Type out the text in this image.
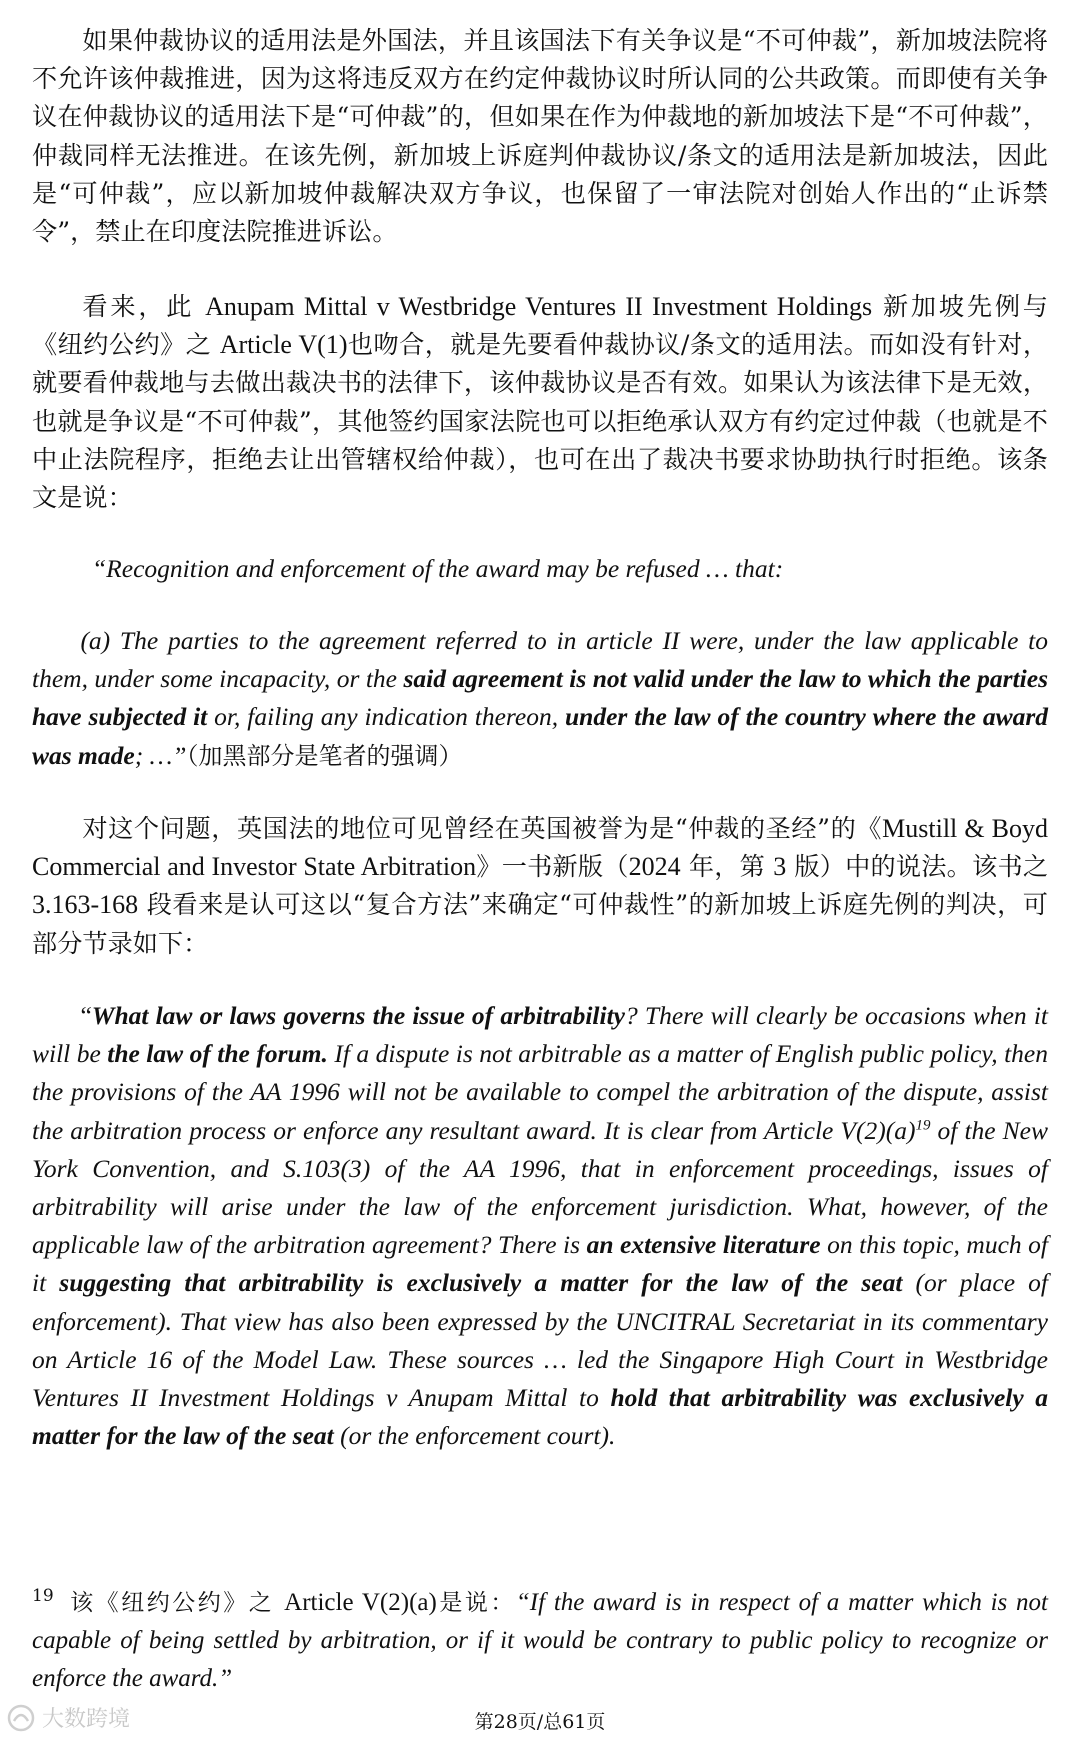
如果仲裁协议的适用法是外国法，并且该国法下有关争议是“不可仲裁”，新加坡法院将不允许该仲裁推进，因为这将违反双方在约定仲裁协议时所认同的公共政策。而即使有关争议在仲裁协议的适用法下是“可仲裁”的，但如果在作为仲裁地的新加坡法下是“不可仲裁”，仲裁同样无法推进。在该先例，新加坡上诉庭判仲裁协议/条文的适用法是新加坡法，因此是“可仲裁”，应以新加坡仲裁解决双方争议，也保留了一审法院对创始人作出的“止诉禁令”，禁止在印度法院推进诉讼。

看来，此 Anupam Mittal v Westbridge Ventures II Investment Holdings 新加坡先例与《纽约公约》之 Article V(1)也吻合，就是先要看仲裁协议/条文的适用法。而如没有针对，就要看仲裁地与去做出裁决书的法律下，该仲裁协议是否有效。如果认为该法律下是无效，也就是争议是“不可仲裁”，其他签约国家法院也可以拒绝承认双方有约定过仲裁（也就是不中止法院程序，拒绝去让出管辖权给仲裁），也可在出了裁决书要求协助执行时拒绝。该条文是说：

“Recognition and enforcement of the award may be refused … that:

(a) The parties to the agreement referred to in article II were, under the law applicable to them, under some incapacity, or the said agreement is not valid under the law to which the parties have subjected it or, failing any indication thereon, under the law of the country where the award was made; …”（加黑部分是笔者的强调）

对这个问题，英国法的地位可见曾经在英国被誉为是“仲裁的圣经”的《Mustill & Boyd Commercial and Investor State Arbitration》一书新版（2024 年，第 3 版）中的说法。该书之 3.163-168 段看来是认可这以“复合方法”来确定“可仲裁性”的新加坡上诉庭先例的判决，可部分节录如下：

“What law or laws governs the issue of arbitrability? There will clearly be occasions when it will be the law of the forum. If a dispute is not arbitrable as a matter of English public policy, then the provisions of the AA 1996 will not be available to compel the arbitration of the dispute, assist the arbitration process or enforce any resultant award. It is clear from Article $V(2)(a)^{19}$ of the New York Convention, and S.103(3) of the AA 1996, that in enforcement proceedings, issues of arbitrability will arise under the law of the enforcement jurisdiction. What, however, of the applicable law of the arbitration agreement? There is an extensive literature on this topic, much of it suggesting that arbitrability is exclusively a matter for the law of the seat (or place of enforcement). That view has also been expressed by the UNCITRAL Secretariat in its commentary on Article 16 of the Model Law. These sources … led the Singapore High Court in Westbridge Ventures II Investment Holdings v Anupam Mittal to hold that arbitrability was exclusively a matter for the law of the seat (or the enforcement court).

$^{19}$ 该《纽约公约》之 Article V(2)(a)是说：“If the award is in respect of a matter which is not capable of being settled by arbitration, or if it would be contrary to public policy to recognize or enforce the award.”

大数跨境	第28页/总61页
